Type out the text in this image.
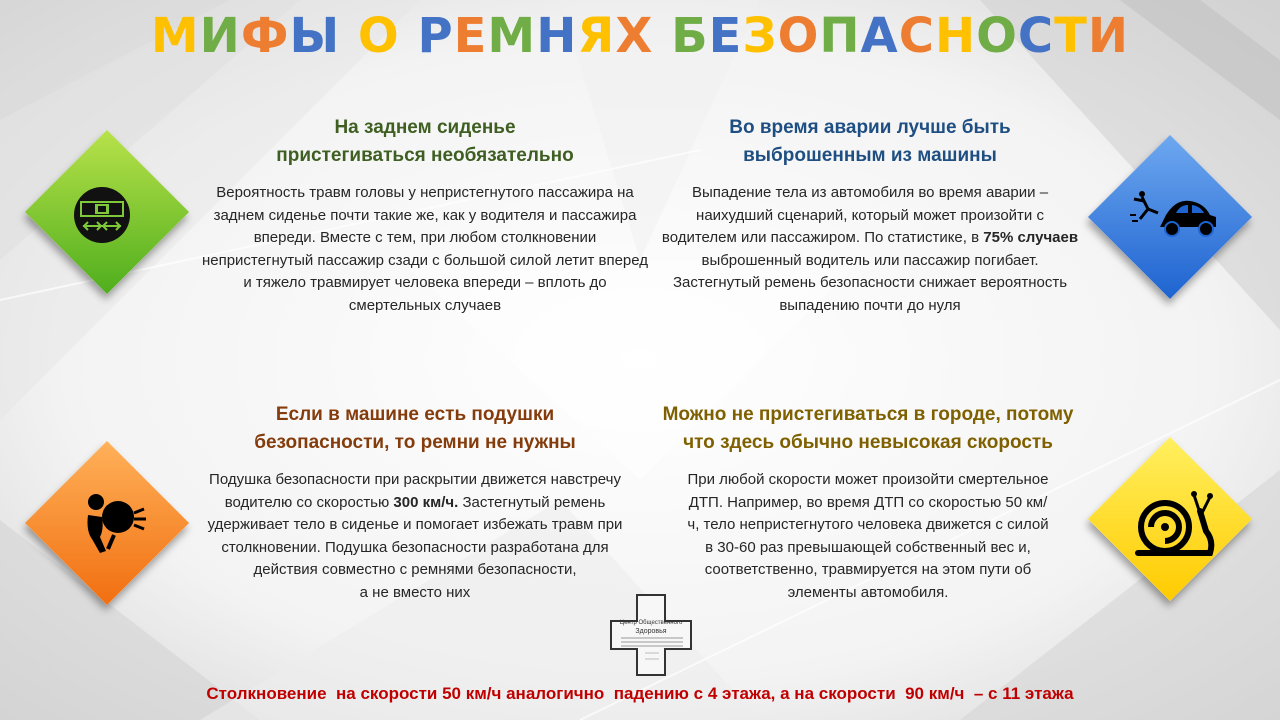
МИФЫ О РЕМНЯХ БЕЗОПАСНОСТИ
На заднем сиденье
пристегиваться необязательно

Вероятность травм головы у непристегнутого пассажира на заднем сиденье почти такие же, как у водителя и пассажира впереди. Вместе с тем, при любом столкновении непристегнутый пассажир сзади с большой силой летит вперед и тяжело травмирует человека впереди – вплоть до смертельных случаев

Во время аварии лучше быть
выброшенным из машины

Выпадение тела из автомобиля во время аварии – наихудший сценарий, который может произойти с водителем или пассажиром. По статистике, в 75% случаев выброшенный водитель или пассажир погибает. Застегнутый ремень безопасности снижает вероятность выпадению почти до нуля

Если в машине есть подушки
безопасности, то ремни не нужны

Подушка безопасности при раскрытии движется навстречу водителю со скоростью 300 км/ч. Застегнутый ремень удерживает тело в сиденье и помогает избежать травм при столкновении. Подушка безопасности разработана для действия совместно с ремнями безопасности,
а не вместо них

Можно не пристегиваться в городе, потому
что здесь обычно невысокая скорость

При любой скорости может произойти смертельное ДТП. Например, во время ДТП со скоростью 50 км/ч, тело непристегнутого человека движется с силой в 30-60 раз превышающей собственный вес и, соответственно, травмируется на этом пути об элементы автомобиля.

Центр Общественного
Здоровья
Столкновение  на скорости 50 км/ч аналогично  падению с 4 этажа, а на скорости  90 км/ч  – с 11 этажа
